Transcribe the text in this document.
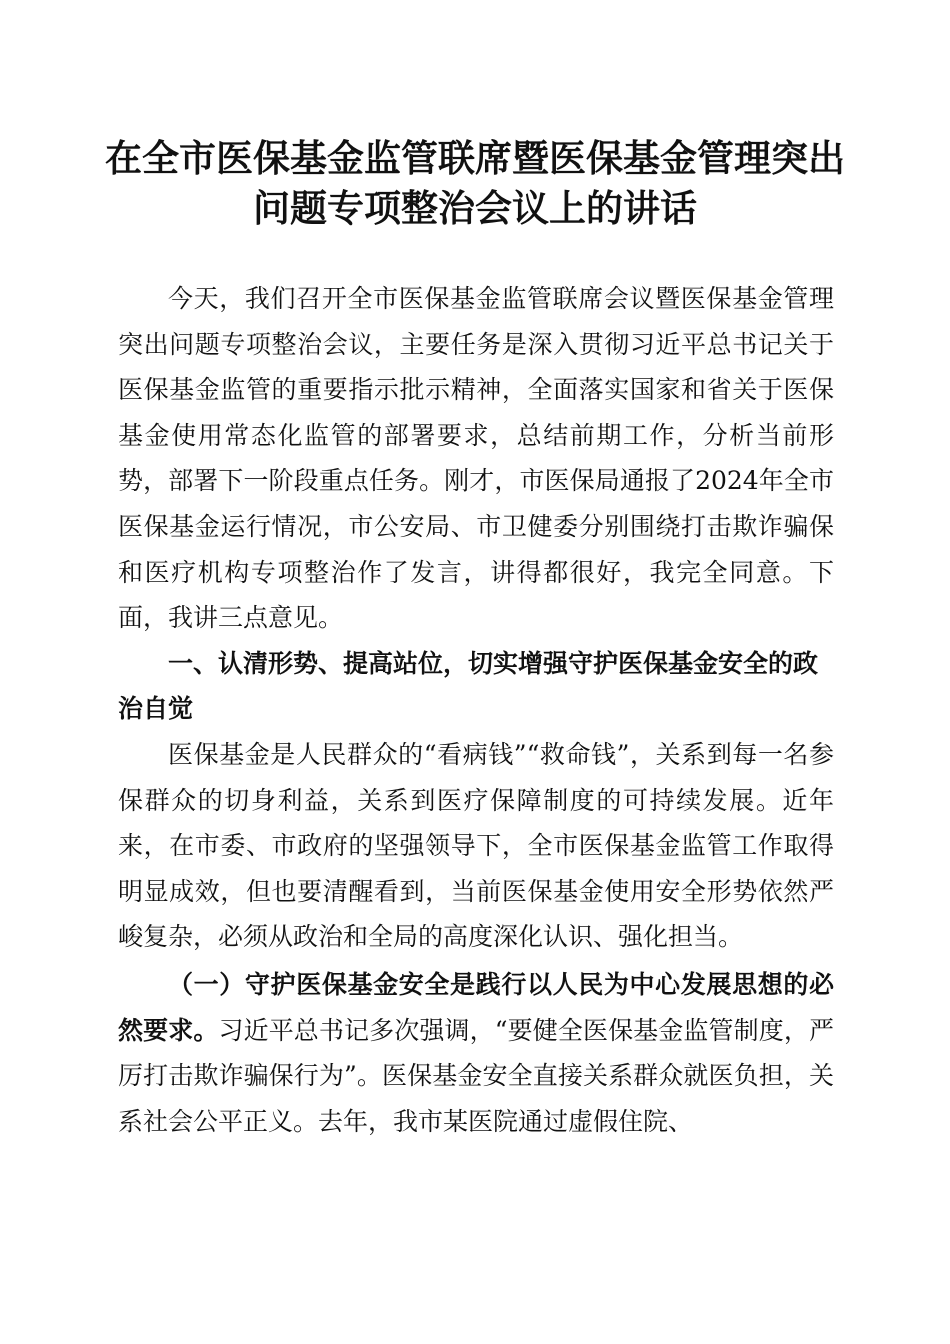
在全市医保基金监管联席暨医保基金管理突出
问题专项整治会议上的讲话

今天，我们召开全市医保基金监管联席会议暨医保基金管理突出问题专项整治会议，主要任务是深入贯彻习近平总书记关于医保基金监管的重要指示批示精神，全面落实国家和省关于医保基金使用常态化监管的部署要求，总结前期工作，分析当前形势，部署下一阶段重点任务。刚才，市医保局通报了2024年全市医保基金运行情况，市公安局、市卫健委分别围绕打击欺诈骗保和医疗机构专项整治作了发言，讲得都很好，我完全同意。下面，我讲三点意见。

一、认清形势、提高站位，切实增强守护医保基金安全的政治自觉

医保基金是人民群众的“看病钱”“救命钱”，关系到每一名参保群众的切身利益，关系到医疗保障制度的可持续发展。近年来，在市委、市政府的坚强领导下，全市医保基金监管工作取得明显成效，但也要清醒看到，当前医保基金使用安全形势依然严峻复杂，必须从政治和全局的高度深化认识、强化担当。

（一）守护医保基金安全是践行以人民为中心发展思想的必然要求。习近平总书记多次强调，“要健全医保基金监管制度，严厉打击欺诈骗保行为”。医保基金安全直接关系群众就医负担，关系社会公平正义。去年，我市某医院通过虚假住院、
